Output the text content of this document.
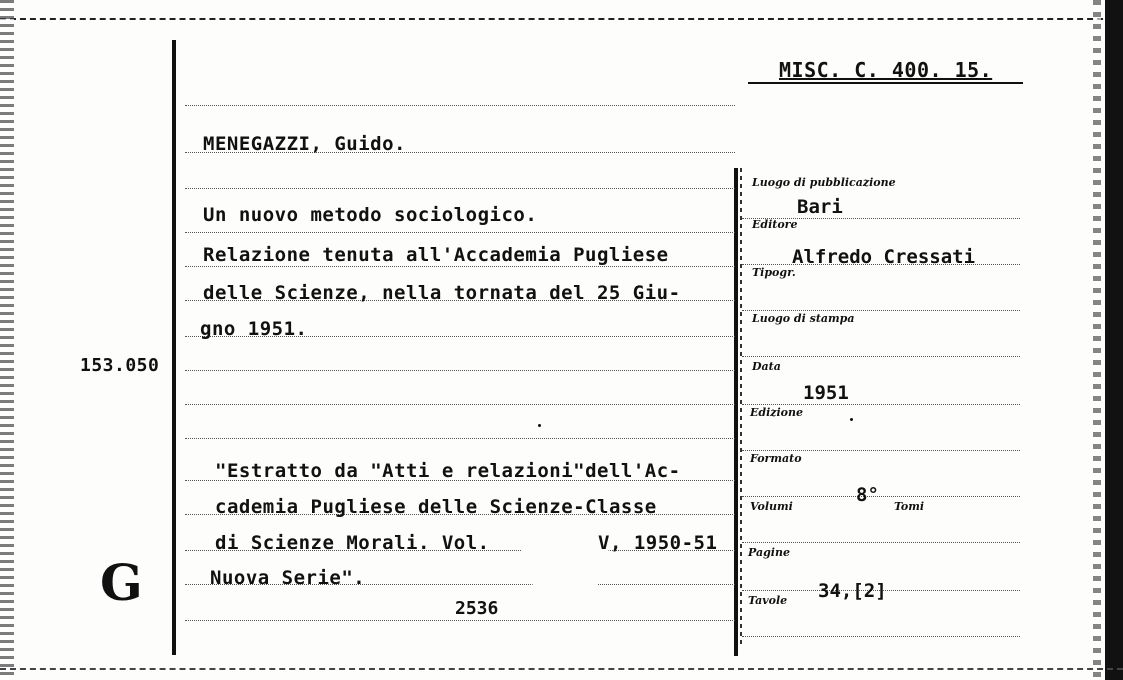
MISC. C. 400. 15.
MENEGAZZI, Guido.
Un nuovo metodo sociologico.
Relazione tenuta all'Accademia Pugliese
delle Scienze, nella tornata del 25 Giu-
gno 1951.
153.050
"Estratto da "Atti e relazioni"dell'Ac-
cademia Pugliese delle Scienze-Classe
di Scienze Morali. Vol.	V, 1950-51
Nuova Serie".
G	2536
Luogo di pubblicazione
Bari
Editore
Alfredo Cressati
Tipogr.
Luogo di stampa
Data
1951
Edizione
Formato
Volumi
8°
Tomi
Pagine
Tavole 34,[2]
